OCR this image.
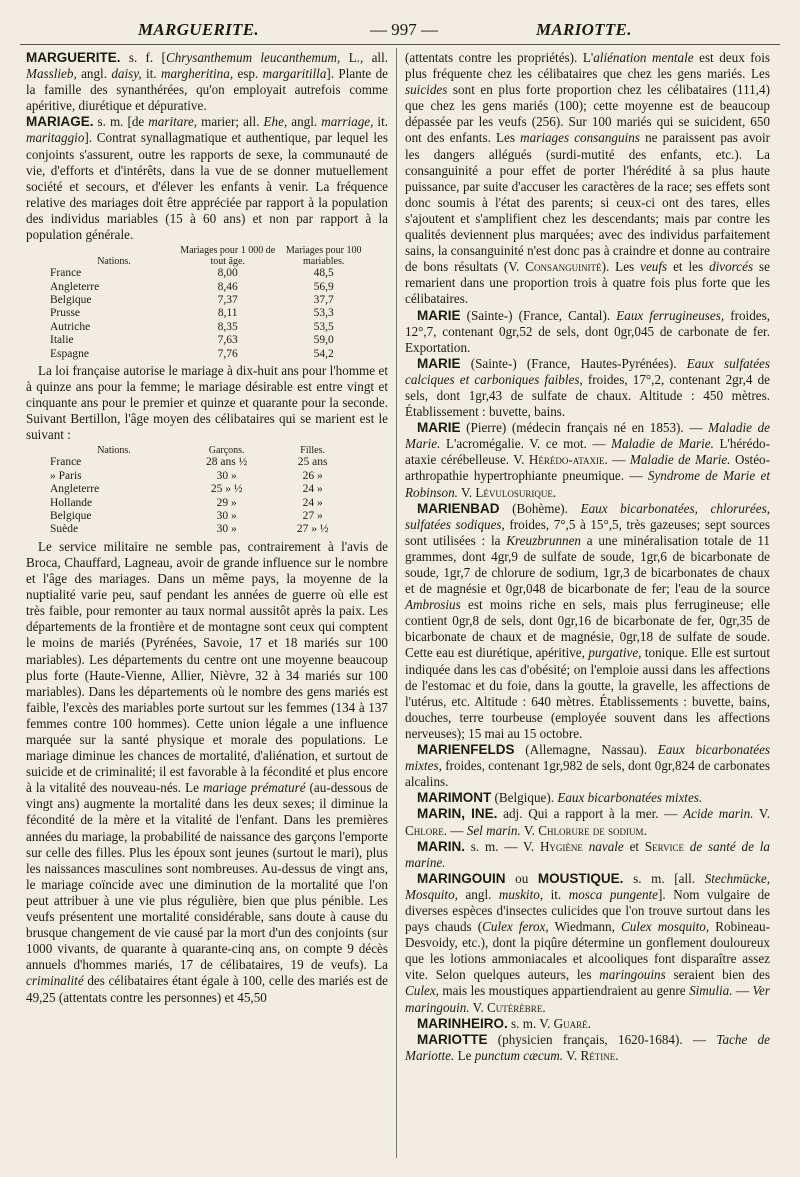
MARGUERITE.	— 997 —	MARIOTTE.

MARGUERITE. s. f. [Chrysanthemum leucanthemum, L., all. Masslieb, angl. daisy, it. margheritina, esp. margaritilla]. Plante de la famille des synanthérées, qu'on employait autrefois comme apéritive, diurétique et dépurative.

MARIAGE. s. m. [de maritare, marier; all. Ehe, angl. marriage, it. maritaggio]. Contrat synallagmatique et authentique, par lequel les conjoints s'assurent, outre les rapports de sexe, la communauté de vie, d'efforts et d'intérêts, dans la vue de se donner mutuellement société et secours, et d'élever les enfants à venir. La fréquence relative des mariages doit être appréciée par rapport à la population des individus mariables (15 à 60 ans) et non par rapport à la population générale.

Nations.	Mariages pour 1 000 de tout âge.	Mariages pour 100 mariables.
France	8,00	48,5
Angleterre	8,46	56,9
Belgique	7,37	37,7
Prusse	8,11	53,3
Autriche	8,35	53,5
Italie	7,63	59,0
Espagne	7,76	54,2

La loi française autorise le mariage à dix-huit ans pour l'homme et à quinze ans pour la femme; le mariage désirable est entre vingt et cinquante ans pour le premier et quinze et quarante pour la seconde. Suivant Bertillon, l'âge moyen des célibataires qui se marient est le suivant :

Nations.	Garçons.	Filles.
France	28 ans ½	25 ans
» Paris	30 »	26 »
Angleterre	25 » ½	24 »
Hollande	29 »	24 »
Belgique	30 »	27 »
Suède	30 »	27 » ½

Le service militaire ne semble pas, contrairement à l'avis de Broca, Chauffard, Lagneau, avoir de grande influence sur le nombre et l'âge des mariages. Dans un même pays, la moyenne de la nuptialité varie peu, sauf pendant les années de guerre où elle est très faible, pour remonter au taux normal aussitôt après la paix. Les départements de la frontière et de montagne sont ceux qui comptent le moins de mariés (Pyrénées, Savoie, 17 et 18 mariés sur 100 mariables). Les départements du centre ont une moyenne beaucoup plus forte (Haute-Vienne, Allier, Nièvre, 32 à 34 mariés sur 100 mariables). Dans les départements où le nombre des gens mariés est faible, l'excès des mariables porte surtout sur les femmes (134 à 137 femmes contre 100 hommes). Cette union légale a une influence marquée sur la santé physique et morale des populations. Le mariage diminue les chances de mortalité, d'aliénation, et surtout de suicide et de criminalité; il est favorable à la fécondité et plus encore à la vitalité des nouveau-nés. Le mariage prématuré (au-dessous de vingt ans) augmente la mortalité dans les deux sexes; il diminue la fécondité de la mère et la vitalité de l'enfant. Dans les premières années du mariage, la probabilité de naissance des garçons l'emporte sur celle des filles. Plus les époux sont jeunes (surtout le mari), plus les naissances masculines sont nombreuses. Au-dessus de vingt ans, le mariage coïncide avec une diminution de la mortalité que l'on peut attribuer à une vie plus régulière, bien que plus pénible. Les veufs présentent une mortalité considérable, sans doute à cause du brusque changement de vie causé par la mort d'un des conjoints (sur 1000 vivants, de quarante à quarante-cinq ans, on compte 9 décès annuels d'hommes mariés, 17 de célibataires, 19 de veufs). La criminalité des célibataires étant égale à 100, celle des mariés est de 49,25 (attentats contre les personnes) et 45,50

(attentats contre les propriétés). L'aliénation mentale est deux fois plus fréquente chez les célibataires que chez les gens mariés. Les suicides sont en plus forte proportion chez les célibataires (111,4) que chez les gens mariés (100); cette moyenne est de beaucoup dépassée par les veufs (256). Sur 100 mariés qui se suicident, 650 ont des enfants. Les mariages consanguins ne paraissent pas avoir les dangers allégués (surdi-mutité des enfants, etc.). La consanguinité a pour effet de porter l'hérédité à sa plus haute puissance, par suite d'accuser les caractères de la race; ses effets sont donc soumis à l'état des parents; si ceux-ci ont des tares, elles s'ajoutent et s'amplifient chez les descendants; mais par contre les qualités deviennent plus marquées; avec des individus parfaitement sains, la consanguinité n'est donc pas à craindre et donne au contraire de bons résultats (V. Consanguinité). Les veufs et les divorcés se remarient dans une proportion trois à quatre fois plus forte que les célibataires.

MARIE (Sainte-) (France, Cantal). Eaux ferrugineuses, froides, 12°,7, contenant 0gr,52 de sels, dont 0gr,045 de carbonate de fer. Exportation.

MARIE (Sainte-) (France, Hautes-Pyrénées). Eaux sulfatées calciques et carboniques faibles, froides, 17°,2, contenant 2gr,4 de sels, dont 1gr,43 de sulfate de chaux. Altitude : 450 mètres. Établissement : buvette, bains.

MARIE (Pierre) (médecin français né en 1853). — Maladie de Marie. L'acromégalie. V. ce mot. — Maladie de Marie. L'hérédo-ataxie cérébelleuse. V. Hérédo-ataxie. — Maladie de Marie. Ostéo-arthropathie hypertrophiante pneumique. — Syndrome de Marie et Robinson. V. Lévulosurique.

MARIENBAD (Bohème). Eaux bicarbonatées, chlorurées, sulfatées sodiques, froides, 7°,5 à 15°,5, très gazeuses; sept sources sont utilisées : la Kreuzbrunnen a une minéralisation totale de 11 grammes, dont 4gr,9 de sulfate de soude, 1gr,6 de bicarbonate de soude, 1gr,7 de chlorure de sodium, 1gr,3 de bicarbonates de chaux et de magnésie et 0gr,048 de bicarbonate de fer; l'eau de la source Ambrosius est moins riche en sels, mais plus ferrugineuse; elle contient 0gr,8 de sels, dont 0gr,16 de bicarbonate de fer, 0gr,35 de bicarbonate de chaux et de magnésie, 0gr,18 de sulfate de soude. Cette eau est diurétique, apéritive, purgative, tonique. Elle est surtout indiquée dans les cas d'obésité; on l'emploie aussi dans les affections de l'estomac et du foie, dans la goutte, la gravelle, les affections de l'utérus, etc. Altitude : 640 mètres. Établissements : buvette, bains, douches, terre tourbeuse (employée souvent dans les affections nerveuses); 15 mai au 15 octobre.

MARIENFELDS (Allemagne, Nassau). Eaux bicarbonatées mixtes, froides, contenant 1gr,982 de sels, dont 0gr,824 de carbonates alcalins.

MARIMONT (Belgique). Eaux bicarbonatées mixtes.

MARIN, INE. adj. Qui a rapport à la mer. — Acide marin. V. Chlore. — Sel marin. V. Chlorure de sodium.

MARIN. s. m. — V. Hygiène navale et Service de santé de la marine.

MARINGOUIN ou MOUSTIQUE. s. m. [all. Stechmücke, Mosquito, angl. muskito, it. mosca pungente]. Nom vulgaire de diverses espèces d'insectes culicides que l'on trouve surtout dans les pays chauds (Culex ferox, Wiedmann, Culex mosquito, Robineau-Desvoidy, etc.), dont la piqûre détermine un gonflement douloureux que les lotions ammoniacales et alcooliques font disparaître assez vite. Selon quelques auteurs, les maringouins seraient bien des Culex, mais les moustiques appartiendraient au genre Simulia. — Ver maringouin. V. Cutérèbre.

MARINHEIRO. s. m. V. Guaré.

MARIOTTE (physicien français, 1620-1684). — Tache de Mariotte. Le punctum cæcum. V. Rétine.
